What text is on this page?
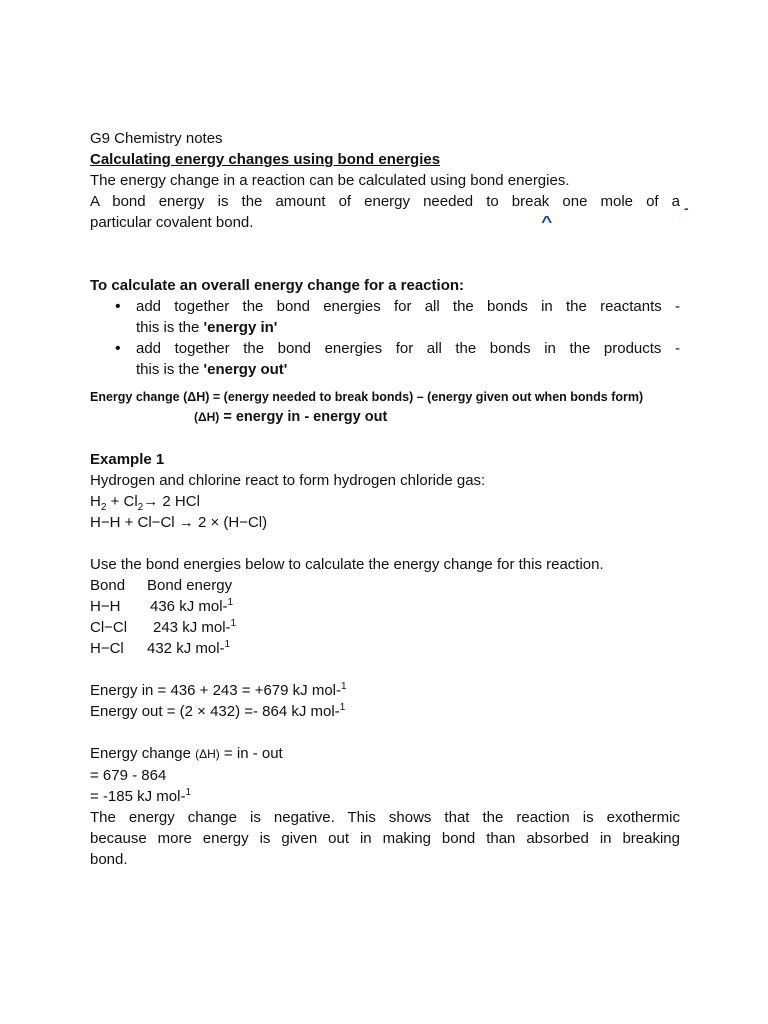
G9 Chemistry notes

Calculating energy changes using bond energies

The energy change in a reaction can be calculated using bond energies.

A bond energy is the amount of energy needed to break one mole of a

particular covalent bond.

To calculate an overall energy change for a reaction:

• add together the bond energies for all the bonds in the reactants -

this is the 'energy in'

• add together the bond energies for all the bonds in the products -

this is the 'energy out'

Energy change (ΔH) = (energy needed to break bonds) – (energy given out when bonds form)

(ΔH) = energy in - energy out

Example 1

Hydrogen and chlorine react to form hydrogen chloride gas:

$H_2 + Cl_2\to 2$ HCl

H−H + Cl−Cl → 2 × (H−Cl)

Use the bond energies below to calculate the energy change for this reaction.

Bond	Bond energy
H−H	436 kJ mol-$^1$
Cl−Cl	243 kJ mol-$^1$
H−Cl	432 kJ mol-$^1$

Energy in = 436 + 243 = +679 kJ mol-$^1$

Energy out = (2 × 432) =- 864 kJ mol-$^1$

Energy change (ΔH) = in - out

= 679 - 864

= -185 kJ mol-$^1$

The energy change is negative. This shows that the reaction is exothermic

because more energy is given out in making bond than absorbed in breaking

bond.

^
-
